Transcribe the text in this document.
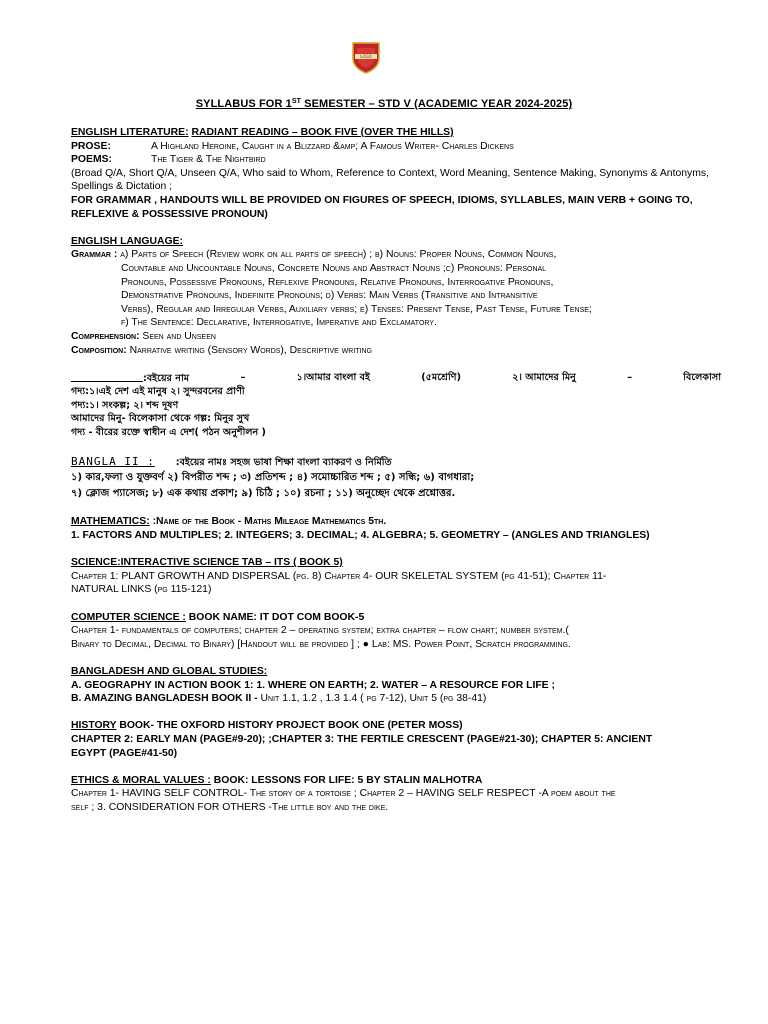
LOGO
SYLLABUS FOR 1ST SEMESTER – STD V (ACADEMIC YEAR 2024-2025)
ENGLISH LITERATURE: RADIANT READING – BOOK FIVE (OVER THE HILLS)
PROSE:	A Highland Heroine, Caught in a Blizzard &amp; A Famous Writer- Charles Dickens
POEMS:	The Tiger & The Nightbird
(Broad Q/A, Short Q/A, Unseen Q/A, Who said to Whom, Reference to Context, Word Meaning, Sentence Making, Synonyms & Antonyms, Spellings & Dictation ;
FOR GRAMMAR , HANDOUTS WILL BE PROVIDED ON FIGURES OF SPEECH, IDIOMS, SYLLABLES, MAIN VERB + GOING TO, REFLEXIVE & POSSESSIVE PRONOUN)
ENGLISH LANGUAGE:
Grammar : a) Parts of Speech (Review work on all parts of speech) ; b) Nouns: Proper Nouns, Common Nouns,
Countable and Uncountable Nouns, Concrete Nouns and Abstract Nouns ;c) Pronouns: Personal
Pronouns, Possessive Pronouns, Reflexive Pronouns, Relative Pronouns, Interrogative Pronouns,
Demonstrative Pronouns, Indefinite Pronouns; d) Verbs: Main Verbs (Transitive and Intransitive
Verbs), Regular and Irregular Verbs, Auxiliary verbs; e) Tenses: Present Tense, Past Tense, Future Tense;
f) The Sentence: Declarative, Interrogative, Imperative and Exclamatory.
Comprehension: Seen and Unseen
Composition: Narrative writing (Sensory Words), Descriptive writing
:বইয়ের নাম	–	১।আমার বাংলা বই	(৫মশ্রেণি)	২। আমাদের মিনু	–	বিলেকাসা
গদ্য:১।এই দেশ এই মানুষ ২। সুন্দরবনের প্রাণী
পদ্য:১। সংকল্প; ২। শব্দ দূষণ
আমাদের মিনু- বিলেকাসা থেকে গল্প: মিনুর সুখ
গদ্য - বীরের রক্তে স্বাধীন এ দেশ( পঠন অনুশীলন )
BANGLA II : :বইয়ের নামঃ সহজ ভাষা শিক্ষা বাংলা ব্যাকরণ ও নির্মিতি
১) কার,ফলা ও যুক্তবর্ণ ২) বিপরীত শব্দ ; ৩) প্রতিশব্দ ; ৪) সমোচ্চারিত শব্দ ; ৫) সন্ধি; ৬) বাগধারা;
৭) ক্লোজ প্যাসেজ; ৮) এক কথায় প্রকাশ; ৯) চিঠি ; ১০) রচনা ; ১১) অনুচ্ছেদ থেকে প্রশ্নোত্তর.
MATHEMATICS: :Name of the Book - Maths Mileage Mathematics 5th.
1. FACTORS AND MULTIPLES; 2. INTEGERS; 3. DECIMAL; 4. ALGEBRA; 5. GEOMETRY – (ANGLES AND TRIANGLES)
SCIENCE:INTERACTIVE SCIENCE TAB – ITS ( BOOK 5)
Chapter 1: PLANT GROWTH AND DISPERSAL (pg. 8) Chapter 4- OUR SKELETAL SYSTEM (pg 41-51); Chapter 11-
NATURAL LINKS (pg 115-121)
COMPUTER SCIENCE : BOOK NAME: IT DOT COM BOOK-5
Chapter 1- fundamentals of computers; chapter 2 – operating system; extra chapter – flow chart; number system.(
Binary to Decimal, Decimal to Binary) [Handout will be provided ] ; ● Lab: MS. Power Point, Scratch programming.
BANGLADESH AND GLOBAL STUDIES:
A. GEOGRAPHY IN ACTION BOOK 1: 1. WHERE ON EARTH; 2. WATER – A RESOURCE FOR LIFE ;
B. AMAZING BANGLADESH BOOK II - Unit 1.1, 1.2 , 1.3 1.4 ( pg 7-12), Unit 5 (pg 38-41)
HISTORY BOOK- THE OXFORD HISTORY PROJECT BOOK ONE (PETER MOSS)
CHAPTER 2: EARLY MAN (PAGE#9-20); ;CHAPTER 3: THE FERTILE CRESCENT (PAGE#21-30); CHAPTER 5: ANCIENT
EGYPT (PAGE#41-50)
ETHICS & MORAL VALUES : BOOK: LESSONS FOR LIFE: 5 BY STALIN MALHOTRA
Chapter 1- HAVING SELF CONTROL- The story of a tortoise ; Chapter 2 – HAVING SELF RESPECT -A poem about the
self ; 3. CONSIDERATION FOR OTHERS -The little boy and the dike.
